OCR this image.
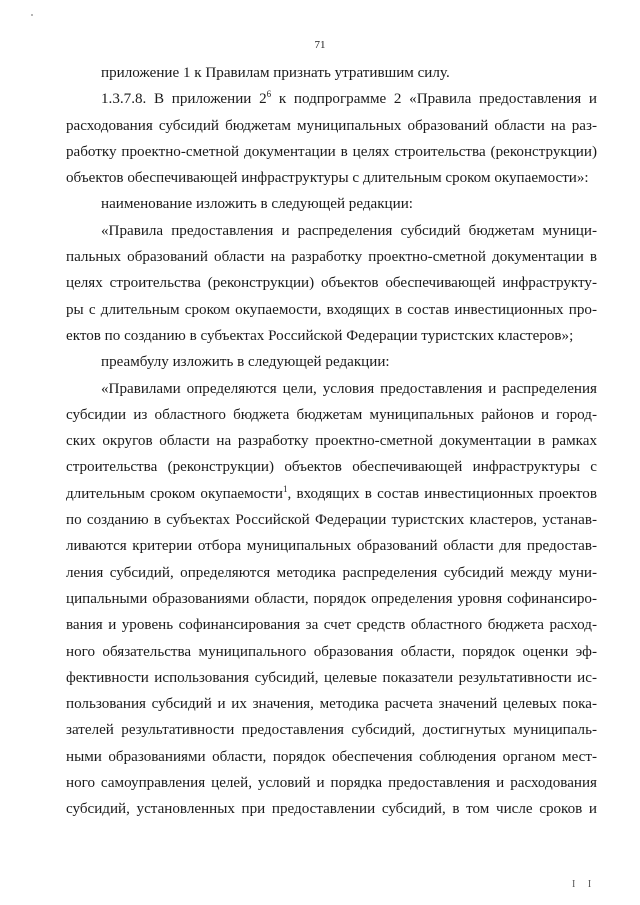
71
приложение 1 к Правилам признать утратившим силу.
1.3.7.8. В приложении $2^6$ к подпрограмме 2 «Правила предоставления и
расходования субсидий бюджетам муниципальных образований области на раз-
работку проектно-сметной документации в целях строительства (реконструкции)
объектов обеспечивающей инфраструктуры с длительным сроком окупаемости»:
наименование изложить в следующей редакции:
«Правила предоставления и распределения субсидий бюджетам муници-
пальных образований области на разработку проектно-сметной документации в
целях строительства (реконструкции) объектов обеспечивающей инфраструкту-
ры с длительным сроком окупаемости, входящих в состав инвестиционных про-
ектов по созданию в субъектах Российской Федерации туристских кластеров»;
преамбулу изложить в следующей редакции:
«Правилами определяются цели, условия предоставления и распределения
субсидии из областного бюджета бюджетам муниципальных районов и город-
ских округов области на разработку проектно-сметной документации в рамках
строительства (реконструкции) объектов обеспечивающей инфраструктуры с
длительным сроком окупаемости$^1$, входящих в состав инвестиционных проектов
по созданию в субъектах Российской Федерации туристских кластеров, устанав-
ливаются критерии отбора муниципальных образований области для предостав-
ления субсидий, определяются методика распределения субсидий между муни-
ципальными образованиями области, порядок определения уровня софинансиро-
вания и уровень софинансирования за счет средств областного бюджета расход-
ного обязательства муниципального образования области, порядок оценки эф-
фективности использования субсидий, целевые показатели результативности ис-
пользования субсидий и их значения, методика расчета значений целевых пока-
зателей результативности предоставления субсидий, достигнутых муниципаль-
ными образованиями области, порядок обеспечения соблюдения органом мест-
ного самоуправления целей, условий и порядка предоставления и расходования
субсидий, установленных при предоставлении субсидий, в том числе сроков и
I I
